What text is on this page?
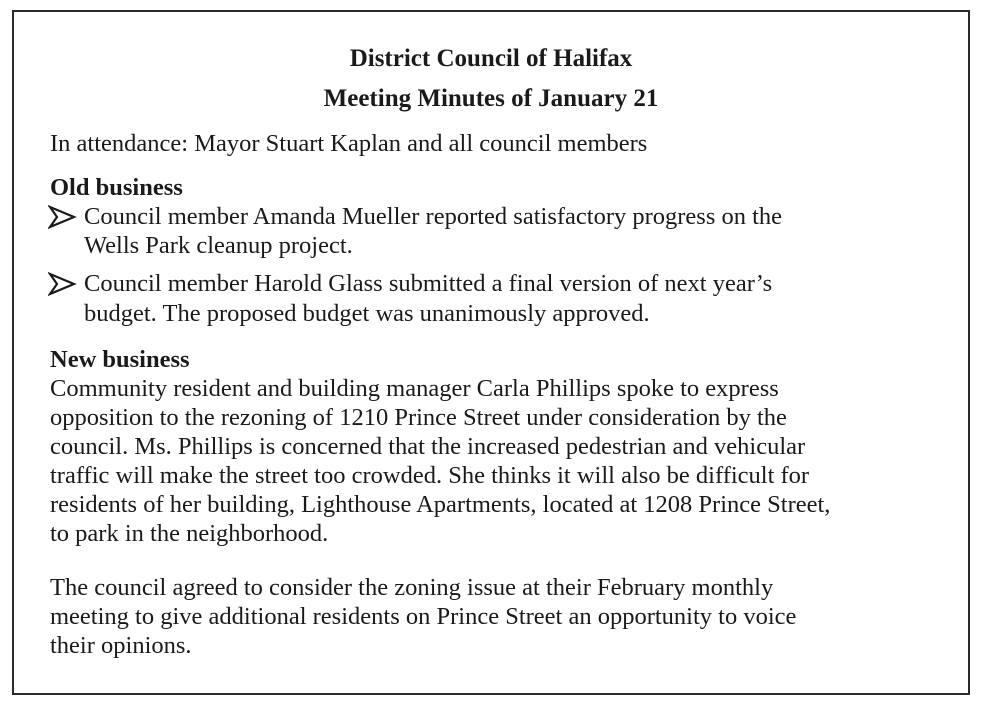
District Council of Halifax
Meeting Minutes of January 21
In attendance: Mayor Stuart Kaplan and all council members
Old business
Council member Amanda Mueller reported satisfactory progress on the
Wells Park cleanup project.
Council member Harold Glass submitted a final version of next year’s
budget. The proposed budget was unanimously approved.
New business
Community resident and building manager Carla Phillips spoke to express
opposition to the rezoning of 1210 Prince Street under consideration by the
council. Ms. Phillips is concerned that the increased pedestrian and vehicular
traffic will make the street too crowded. She thinks it will also be difficult for
residents of her building, Lighthouse Apartments, located at 1208 Prince Street,
to park in the neighborhood.
The council agreed to consider the zoning issue at their February monthly
meeting to give additional residents on Prince Street an opportunity to voice
their opinions.
